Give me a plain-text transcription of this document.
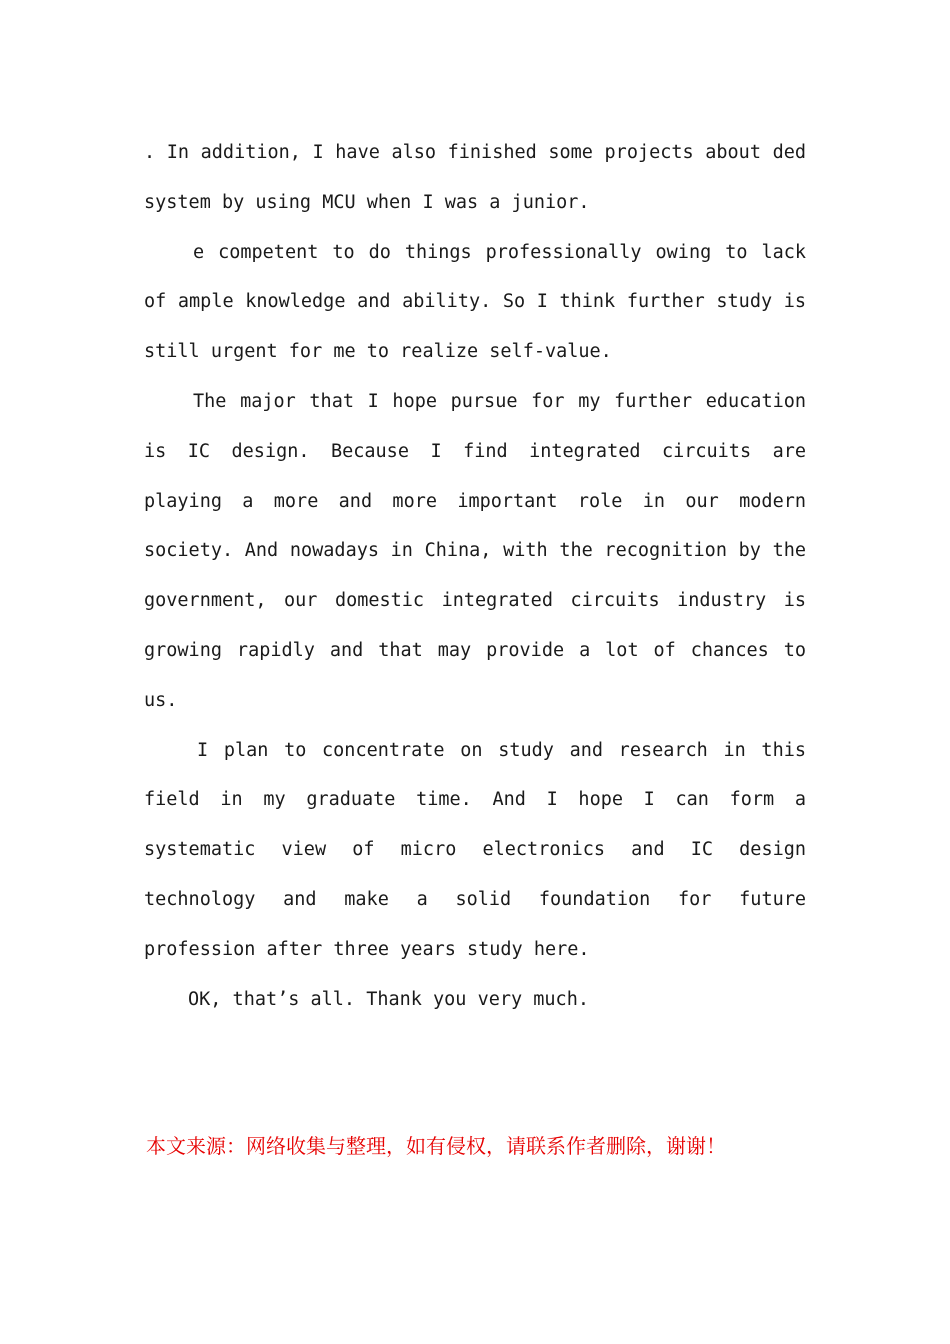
. In addition, I have also finished some projects about ded system by using MCU when I was a junior.

e competent to do things professionally owing to lack of ample knowledge and ability. So I think further study is still urgent for me to realize self-value.

The major that I hope pursue for my further education is IC design. Because I find integrated circuits are playing a more and more important role in our modern society. And nowadays in China, with the recognition by the government, our domestic integrated circuits industry is growing rapidly and that may provide a lot of chances to us.

I plan to concentrate on study and research in this field in my graduate time. And I hope I can form a systematic view of micro electronics and IC design technology and make a solid foundation for future profession after three years study here.

OK, that’s all. Thank you very much.

本文来源：网络收集与整理，如有侵权，请联系作者删除，谢谢！
